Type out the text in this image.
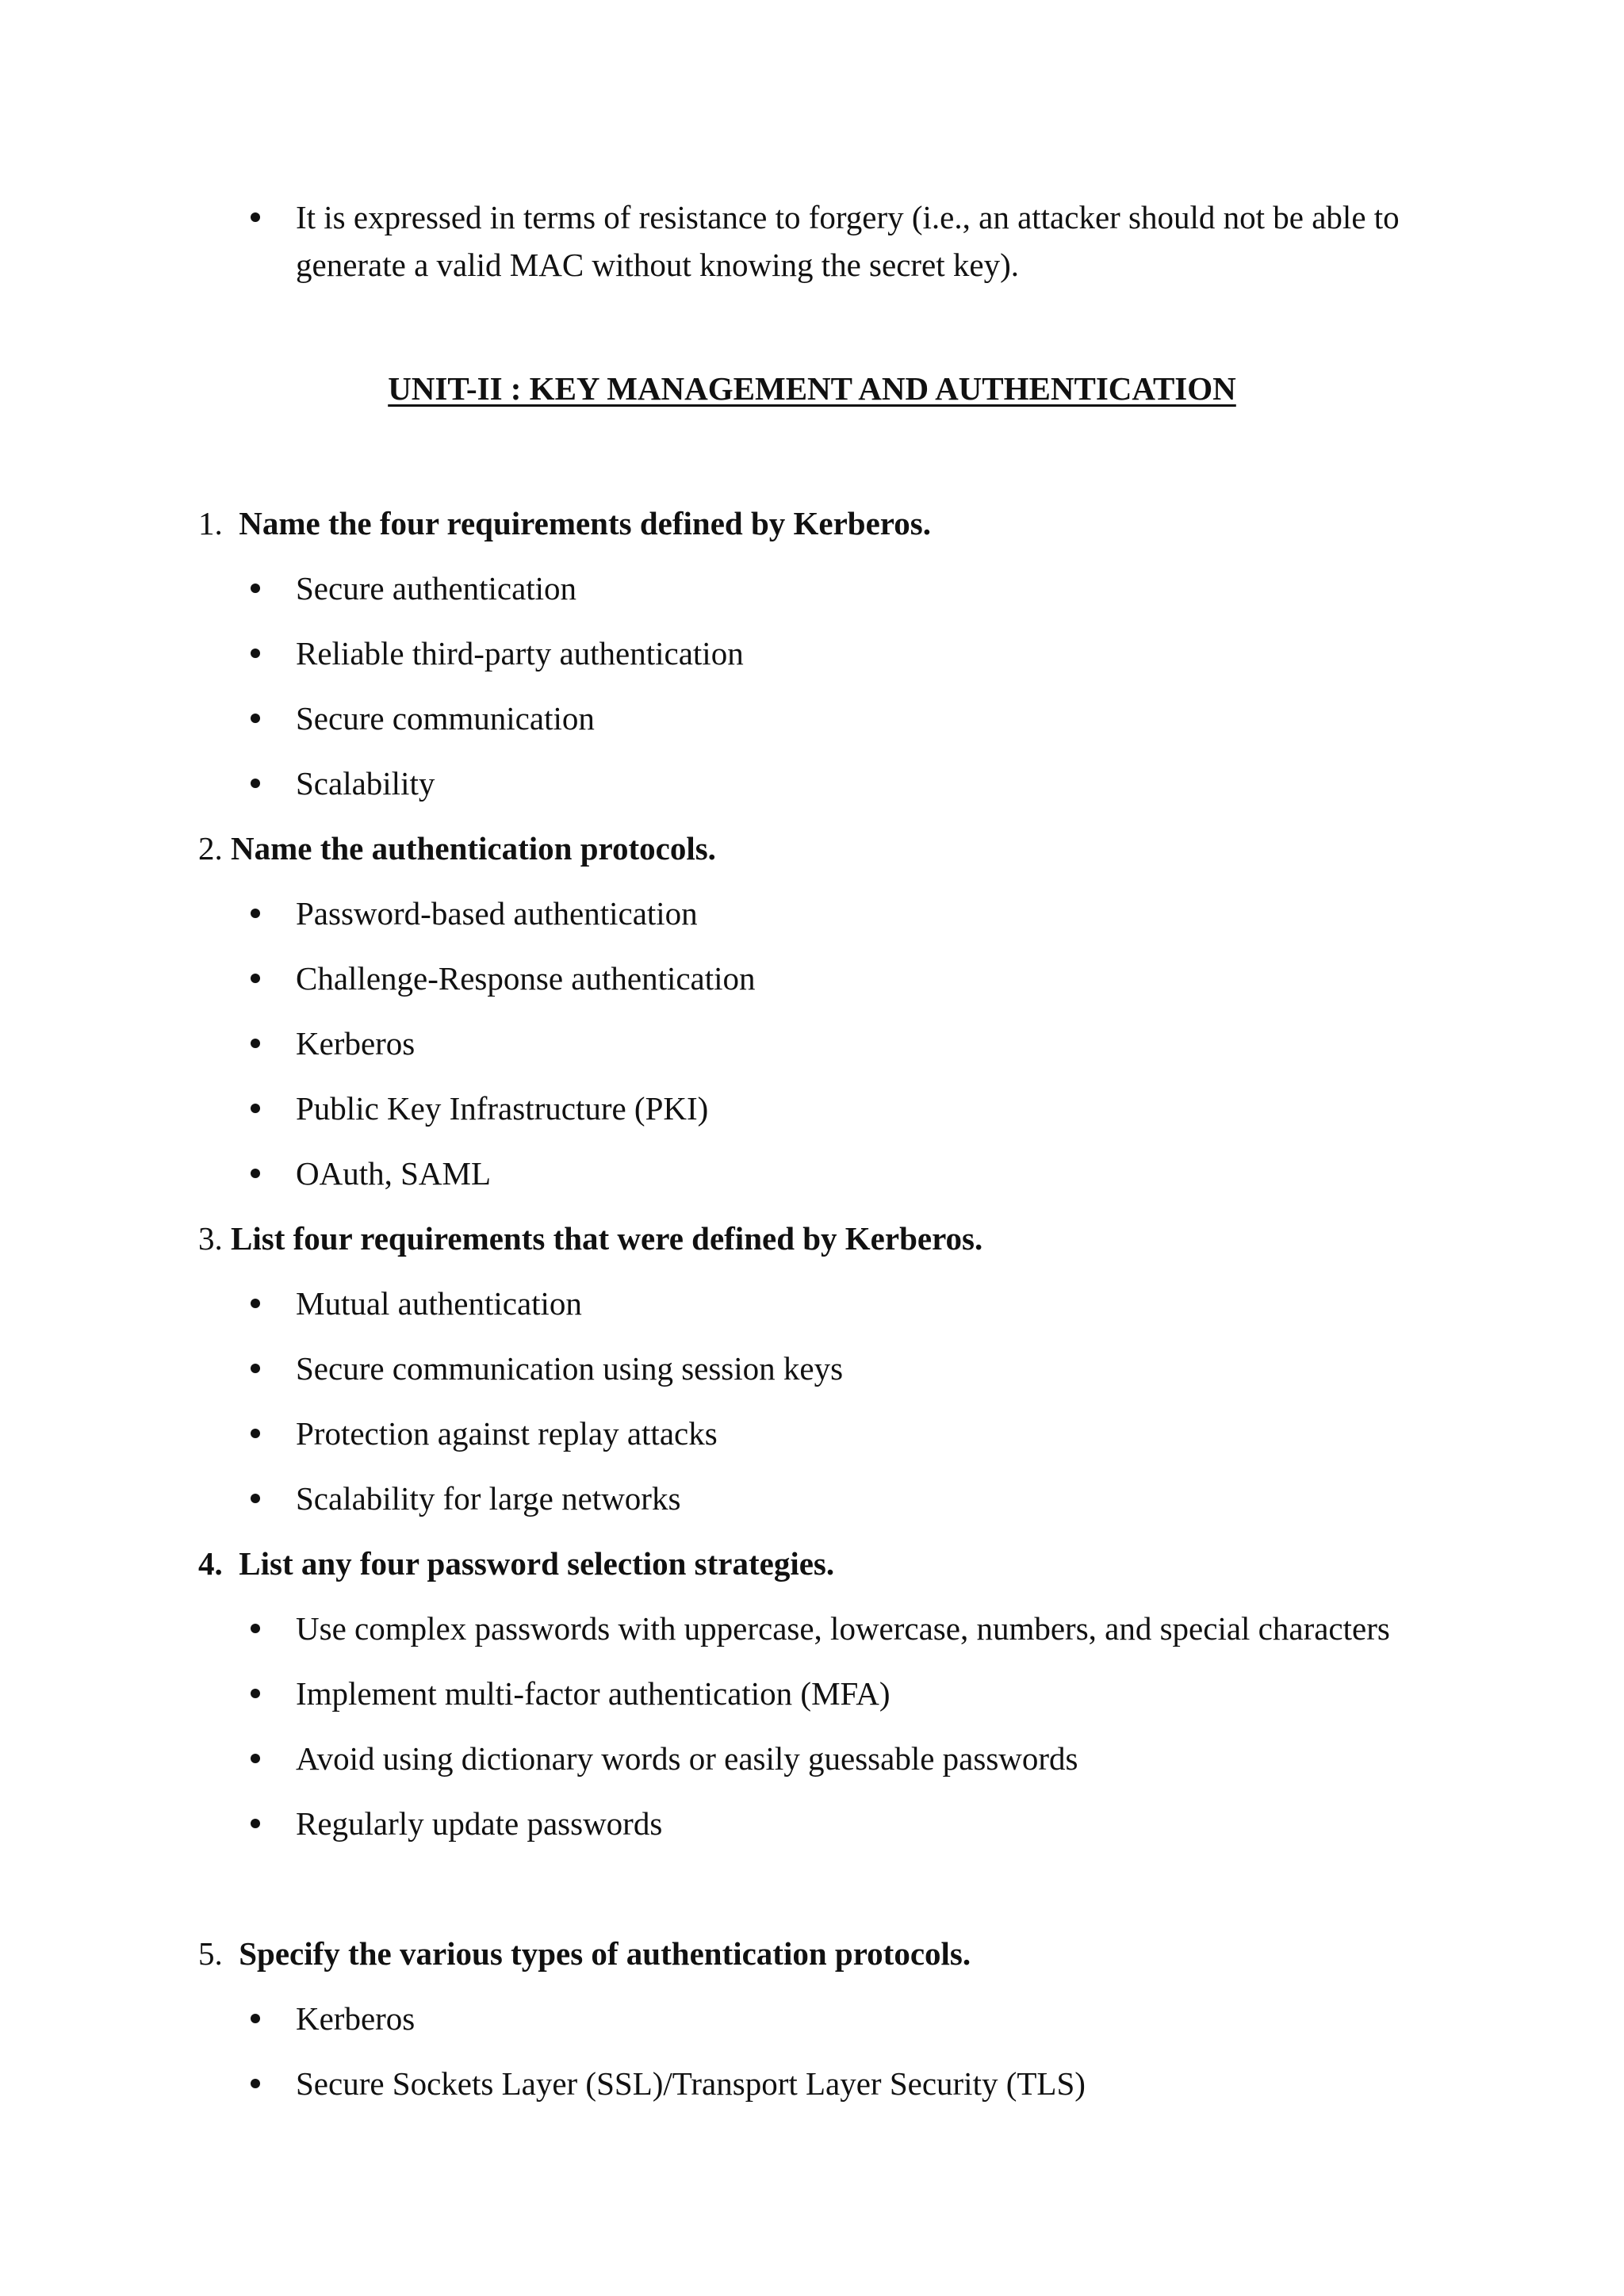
It is expressed in terms of resistance to forgery (i.e., an attacker should not be able to
generate a valid MAC without knowing the secret key).
UNIT-II : KEY MANAGEMENT AND AUTHENTICATION
1. Name the four requirements defined by Kerberos.
Secure authentication
Reliable third-party authentication
Secure communication
Scalability
2. Name the authentication protocols.
Password-based authentication
Challenge-Response authentication
Kerberos
Public Key Infrastructure (PKI)
OAuth, SAML
3. List four requirements that were defined by Kerberos.
Mutual authentication
Secure communication using session keys
Protection against replay attacks
Scalability for large networks
4. List any four password selection strategies.
Use complex passwords with uppercase, lowercase, numbers, and special characters
Implement multi-factor authentication (MFA)
Avoid using dictionary words or easily guessable passwords
Regularly update passwords
5. Specify the various types of authentication protocols.
Kerberos
Secure Sockets Layer (SSL)/Transport Layer Security (TLS)
